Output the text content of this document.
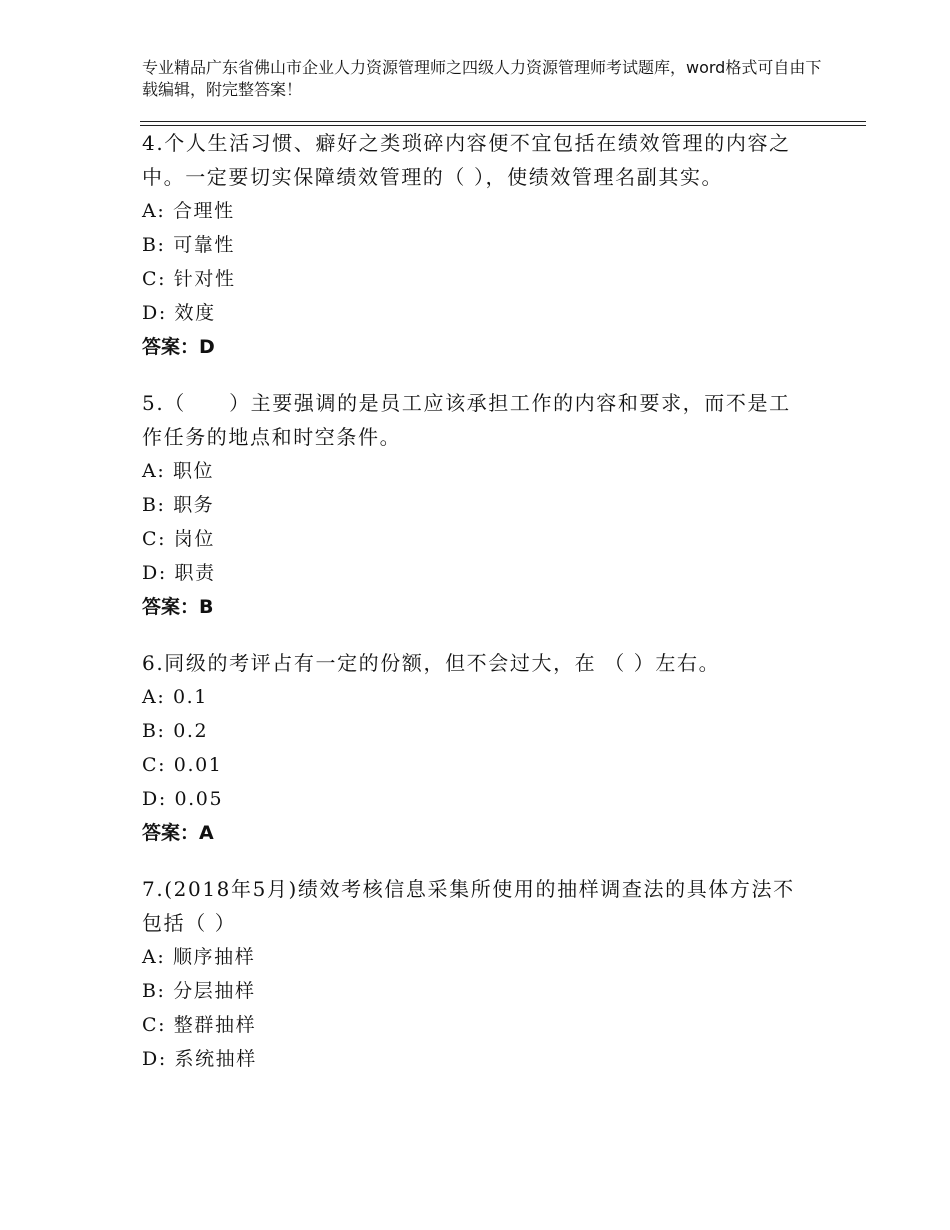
专业精品广东省佛山市企业人力资源管理师之四级人力资源管理师考试题库，word格式可自由下载编辑，附完整答案！

4.个人生活习惯、癖好之类琐碎内容便不宜包括在绩效管理的内容之中。一定要切实保障绩效管理的（ ），使绩效管理名副其实。

A: 合理性

B: 可靠性

C: 针对性

D: 效度

答案：D

5.（　　）主要强调的是员工应该承担工作的内容和要求，而不是工作任务的地点和时空条件。

A: 职位

B: 职务

C: 岗位

D: 职责

答案：B

6.同级的考评占有一定的份额，但不会过大，在 （ ）左右。

A: 0.1

B: 0.2

C: 0.01

D: 0.05

答案：A

7.(2018年5月)绩效考核信息采集所使用的抽样调查法的具体方法不包括（ ）

A: 顺序抽样

B: 分层抽样

C: 整群抽样

D: 系统抽样
